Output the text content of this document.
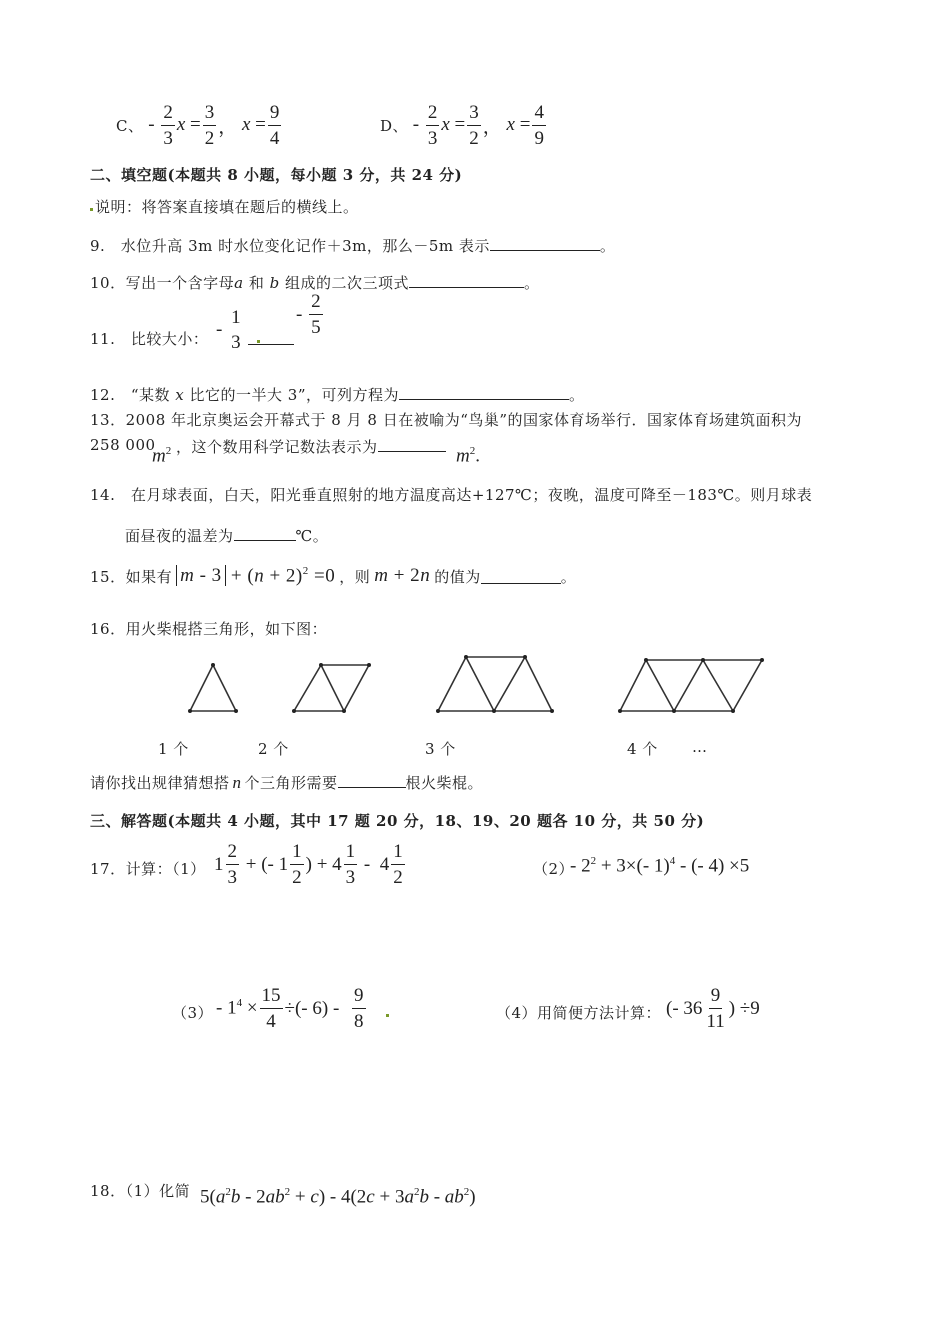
C、 - $\frac{2}{3}$ $x = \frac{3}{2}$ ， $x = \frac{9}{4}$	D、 - $\frac{2}{3}$ $x = \frac{3}{2}$ ， $x = \frac{4}{9}$
二、填空题(本题共 8 小题，每小题 3 分，共 24 分)
说明：将答案直接填在题后的横线上。
9.　水位升高 3m 时水位变化记作＋3m，那么－5m 表示	。
10．写出一个含字母a 和 b 组成的二次三项式	。
11.　比较大小： -
1
3
- $\frac{2}{5}$
12.　“某数 x 比它的一半大 3”，可列方程为	。
13．2008 年北京奥运会开幕式于 8 月 8 日在被喻为“鸟巢”的国家体育场举行．国家体育场建筑面积为
258 000
$m^2$ ，这个数用科学记数法表示为	$m^2$.
14.　在月球表面，白天，阳光垂直照射的地方温度高达+127℃；夜晚，温度可降至－183℃。则月球表
面昼夜的温差为	℃。
15．如果有 $m - 3 + (n + 2)^2 =0$ ，则 m + 2n 的值为	。
16．用火柴棍搭三角形，如下图：
1 个	2 个	3 个	4 个 …
请你找出规律猜想搭 n 个三角形需要	根火柴棍。
三、解答题(本题共 4 小题，其中 17 题 20 分，18、19、20 题各 10 分，共 50 分)
17．计算：（1） $1 \frac{2}{3}$ + (- $1 \frac{1}{2}$ ) + $4 \frac{1}{3} - 4 \frac{1}{2}$	（2）
- $2^2 + 3\times(-$ 1)$^4$ - (- 4) ×5
$(3) - 1^4 \times \frac{15}{4}$ ÷(- $6) - \frac{9}{8}$	（4）用简便方法计算： (- $36 \frac{9}{11}$ ) ÷9
18．（1）化简 $5(a^2b - 2ab^2 + c) - 4(2c + 3a^2b - ab^2)$
